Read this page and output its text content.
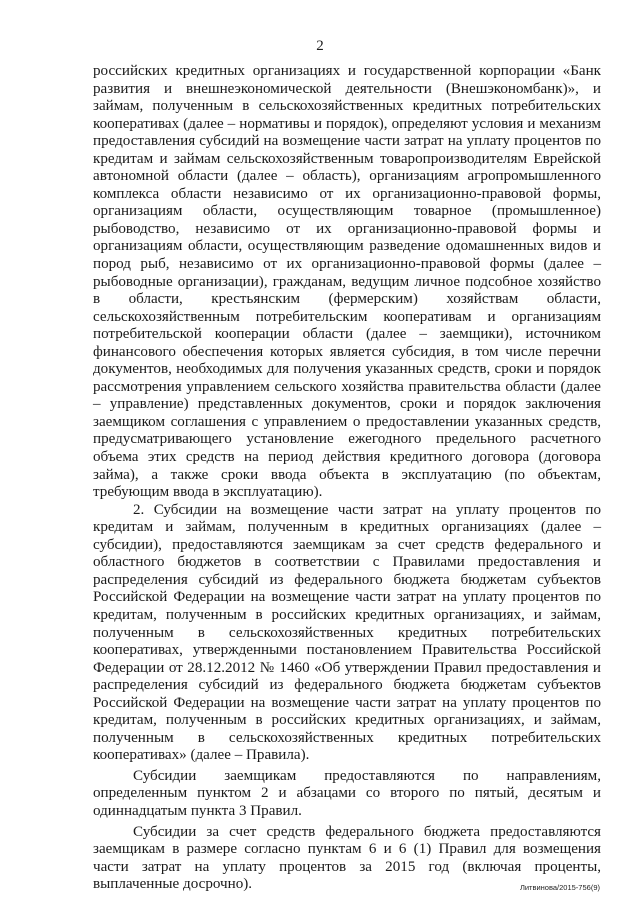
2

российских кредитных организациях и государственной корпорации «Банк развития и внешнеэкономической деятельности (Внешэкономбанк)», и займам, полученным в сельскохозяйственных кредитных потребительских кооперативах (далее – нормативы и порядок), определяют условия и механизм предоставления субсидий на возмещение части затрат на уплату процентов по кредитам и займам сельскохозяйственным товаропроизводителям Еврейской автономной области (далее – область), организациям агропромышленного комплекса области независимо от их организационно-правовой формы, организациям области, осуществляющим товарное (промышленное) рыбоводство, независимо от их организационно-правовой формы и организациям области, осуществляющим разведение одомашненных видов и пород рыб, независимо от их организационно-правовой формы (далее – рыбоводные организации), гражданам, ведущим личное подсобное хозяйство в области, крестьянским (фермерским) хозяйствам области, сельскохозяйственным потребительским кооперативам и организациям потребительской кооперации области (далее – заемщики), источником финансового обеспечения которых является субсидия, в том числе перечни документов, необходимых для получения указанных средств, сроки и порядок рассмотрения управлением сельского хозяйства правительства области (далее – управление) представленных документов, сроки и порядок заключения заемщиком соглашения с управлением о предоставлении указанных средств, предусматривающего установление ежегодного предельного расчетного объема этих средств на период действия кредитного договора (договора займа), а также сроки ввода объекта в эксплуатацию (по объектам, требующим ввода в эксплуатацию).

2. Субсидии на возмещение части затрат на уплату процентов по кредитам и займам, полученным в кредитных организациях (далее – субсидии), предоставляются заемщикам за счет средств федерального и областного бюджетов в соответствии с Правилами предоставления и распределения субсидий из федерального бюджета бюджетам субъектов Российской Федерации на возмещение части затрат на уплату процентов по кредитам, полученным в российских кредитных организациях, и займам, полученным в сельскохозяйственных кредитных потребительских кооперативах, утвержденными постановлением Правительства Российской Федерации от 28.12.2012 № 1460 «Об утверждении Правил предоставления и распределения субсидий из федерального бюджета бюджетам субъектов Российской Федерации на возмещение части затрат на уплату процентов по кредитам, полученным в российских кредитных организациях, и займам, полученным в сельскохозяйственных кредитных потребительских кооперативах» (далее – Правила).

Субсидии заемщикам предоставляются по направлениям, определенным пунктом 2 и абзацами со второго по пятый, десятым и одиннадцатым пункта 3 Правил.

Субсидии за счет средств федерального бюджета предоставляются заемщикам в размере согласно пунктам 6 и 6 (1) Правил для возмещения части затрат на уплату процентов за 2015 год (включая проценты, выплаченные досрочно).	Литвинова/2015-756(9)
